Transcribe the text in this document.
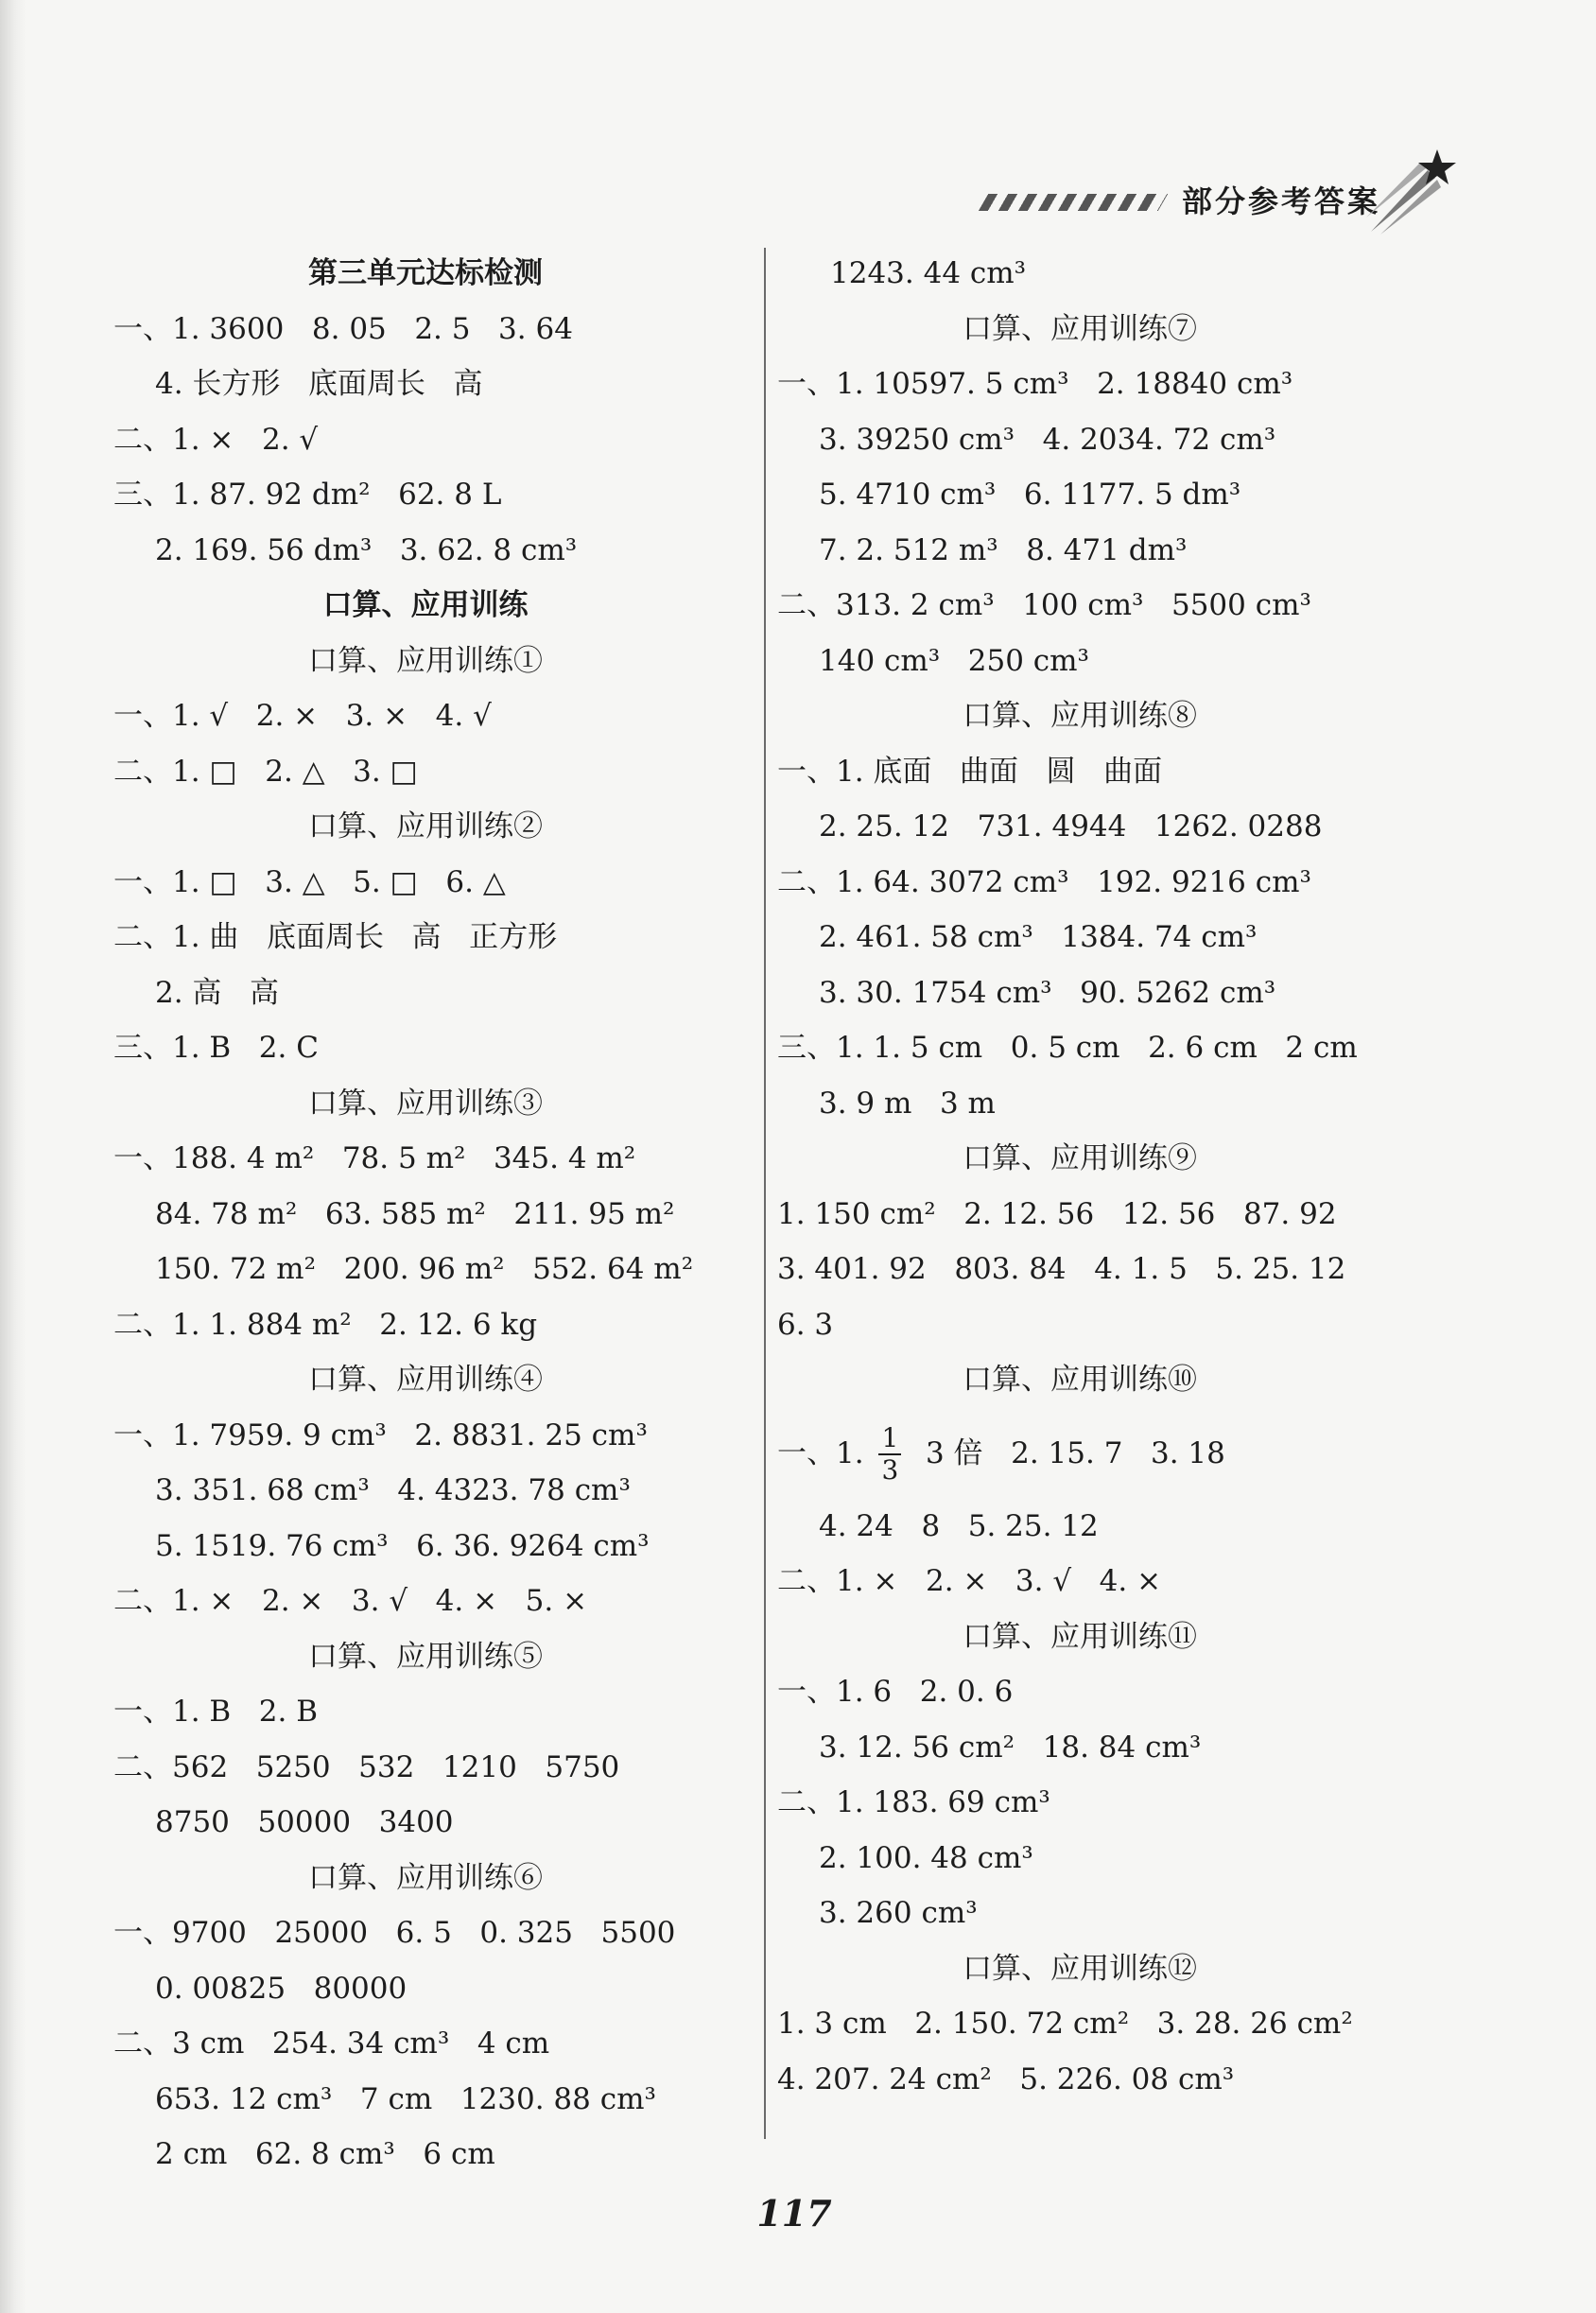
部分参考答案
第三单元达标检测
一、1. 3600   8. 05   2. 5   3. 64
4. 长方形   底面周长   高
二、1. ×   2. √
三、1. 87. 92 dm²   62. 8 L
2. 169. 56 dm³   3. 62. 8 cm³
口算、应用训练
口算、应用训练①
一、1. √   2. ×   3. ×   4. √
二、1. □   2. △   3. □
口算、应用训练②
一、1. □   3. △   5. □   6. △
二、1. 曲   底面周长   高   正方形
2. 高   高
三、1. B   2. C
口算、应用训练③
一、188. 4 m²   78. 5 m²   345. 4 m²
84. 78 m²   63. 585 m²   211. 95 m²
150. 72 m²   200. 96 m²   552. 64 m²
二、1. 1. 884 m²   2. 12. 6 kg
口算、应用训练④
一、1. 7959. 9 cm³   2. 8831. 25 cm³
3. 351. 68 cm³   4. 4323. 78 cm³
5. 1519. 76 cm³   6. 36. 9264 cm³
二、1. ×   2. ×   3. √   4. ×   5. ×
口算、应用训练⑤
一、1. B   2. B
二、562   5250   532   1210   5750
8750   50000   3400
口算、应用训练⑥
一、9700   25000   6. 5   0. 325   5500
0. 00825   80000
二、3 cm   254. 34 cm³   4 cm
653. 12 cm³   7 cm   1230. 88 cm³
2 cm   62. 8 cm³   6 cm
1243. 44 cm³
口算、应用训练⑦
一、1. 10597. 5 cm³   2. 18840 cm³
3. 39250 cm³   4. 2034. 72 cm³
5. 4710 cm³   6. 1177. 5 dm³
7. 2. 512 m³   8. 471 dm³
二、313. 2 cm³   100 cm³   5500 cm³
140 cm³   250 cm³
口算、应用训练⑧
一、1. 底面   曲面   圆   曲面
2. 25. 12   731. 4944   1262. 0288
二、1. 64. 3072 cm³   192. 9216 cm³
2. 461. 58 cm³   1384. 74 cm³
3. 30. 1754 cm³   90. 5262 cm³
三、1. 1. 5 cm   0. 5 cm   2. 6 cm   2 cm
3. 9 m   3 m
口算、应用训练⑨
1. 150 cm²   2. 12. 56   12. 56   87. 92
3. 401. 92   803. 84   4. 1. 5   5. 25. 12
6. 3
口算、应用训练⑩
一、1. $\frac{1}{3} 3$ 倍   2. 15. 7   3. 18
4. 24   8   5. 25. 12
二、1. ×   2. ×   3. √   4. ×
口算、应用训练⑪
一、1. 6   2. 0. 6
3. 12. 56 cm²   18. 84 cm³
二、1. 183. 69 cm³
2. 100. 48 cm³
3. 260 cm³
口算、应用训练⑫
1. 3 cm   2. 150. 72 cm²   3. 28. 26 cm²
4. 207. 24 cm²   5. 226. 08 cm³
117
